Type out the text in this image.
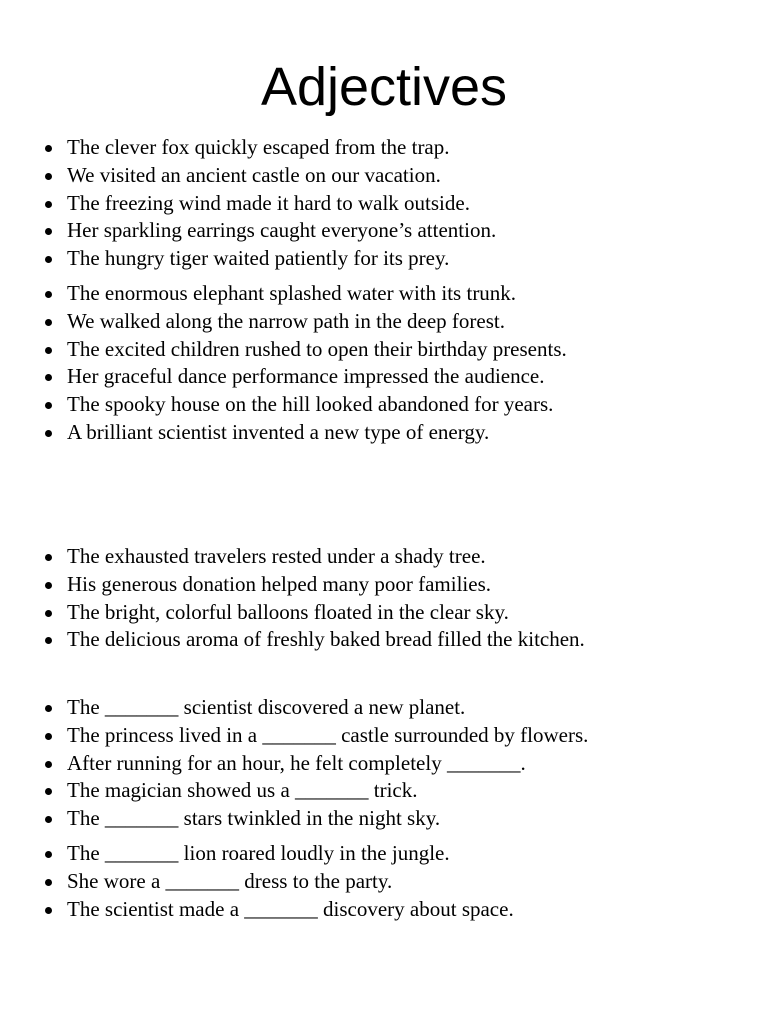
Adjectives
The clever fox quickly escaped from the trap.
We visited an ancient castle on our vacation.
The freezing wind made it hard to walk outside.
Her sparkling earrings caught everyone’s attention.
The hungry tiger waited patiently for its prey.
The enormous elephant splashed water with its trunk.
We walked along the narrow path in the deep forest.
The excited children rushed to open their birthday presents.
Her graceful dance performance impressed the audience.
The spooky house on the hill looked abandoned for years.
A brilliant scientist invented a new type of energy.
The exhausted travelers rested under a shady tree.
His generous donation helped many poor families.
The bright, colorful balloons floated in the clear sky.
The delicious aroma of freshly baked bread filled the kitchen.
The _______ scientist discovered a new planet.
The princess lived in a _______ castle surrounded by flowers.
After running for an hour, he felt completely _______.
The magician showed us a _______ trick.
The _______ stars twinkled in the night sky.
The _______ lion roared loudly in the jungle.
She wore a _______ dress to the party.
The scientist made a _______ discovery about space.
